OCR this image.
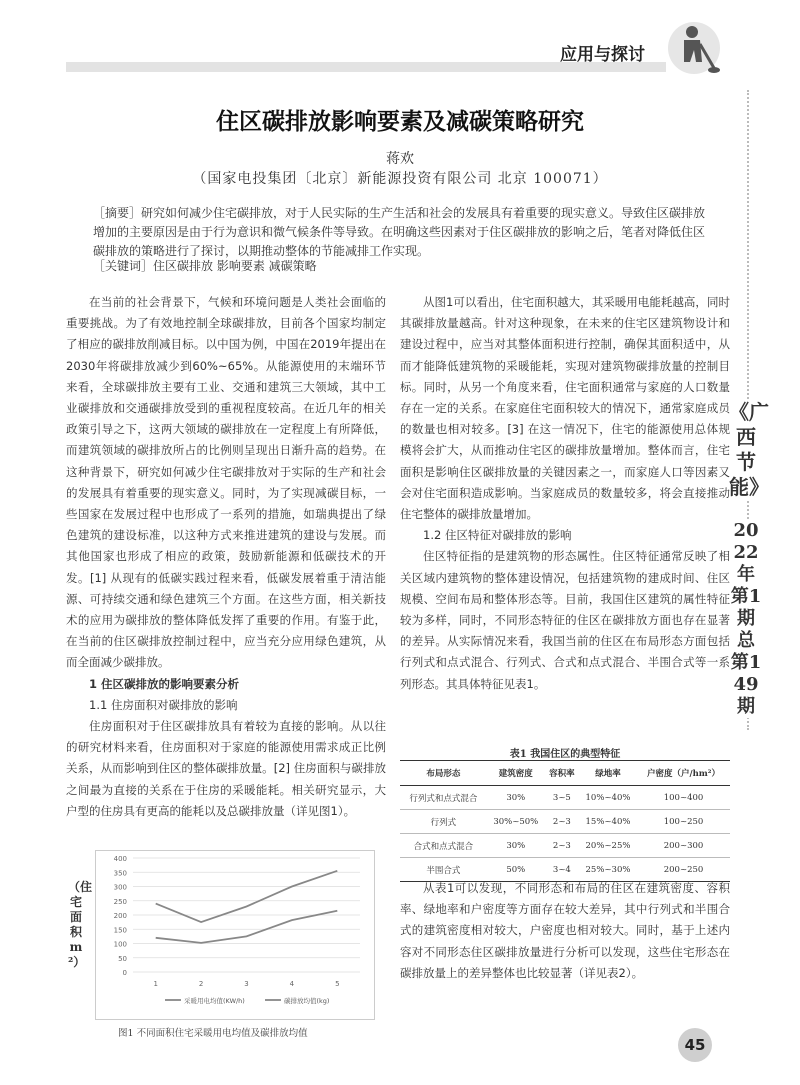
应用与探讨
《广西节能》
2022年第1期 总第149期
住区碳排放影响要素及减碳策略研究
蒋欢
（国家电投集团〔北京〕新能源投资有限公司 北京 100071）

［摘要］研究如何减少住宅碳排放，对于人民实际的生产生活和社会的发展具有着重要的现实意义。导致住区碳排放增加的主要原因是由于行为意识和微气候条件等导致。在明确这些因素对于住区碳排放的影响之后，笔者对降低住区碳排放的策略进行了探讨，以期推动整体的节能减排工作实现。

［关键词］住区碳排放 影响要素 减碳策略

在当前的社会背景下，气候和环境问题是人类社会面临的重要挑战。为了有效地控制全球碳排放，目前各个国家均制定了相应的碳排放削减目标。以中国为例，中国在2019年提出在2030年将碳排放减少到60%~65%。从能源使用的末端环节来看，全球碳排放主要有工业、交通和建筑三大领域，其中工业碳排放和交通碳排放受到的重视程度较高。在近几年的相关政策引导之下，这两大领域的碳排放在一定程度上有所降低，而建筑领域的碳排放所占的比例则呈现出日渐升高的趋势。在这种背景下，研究如何减少住宅碳排放对于实际的生产和社会的发展具有着重要的现实意义。同时，为了实现减碳目标，一些国家在发展过程中也形成了一系列的措施，如瑞典提出了绿色建筑的建设标准，以这种方式来推进建筑的建设与发展。而其他国家也形成了相应的政策，鼓励新能源和低碳技术的开发。[1] 从现有的低碳实践过程来看，低碳发展着重于清洁能源、可持续交通和绿色建筑三个方面。在这些方面，相关新技术的应用为碳排放的整体降低发挥了重要的作用。有鉴于此，在当前的住区碳排放控制过程中，应当充分应用绿色建筑，从而全面减少碳排放。

1 住区碳排放的影响要素分析

1.1 住房面积对碳排放的影响

住房面积对于住区碳排放具有着较为直接的影响。从以往的研究材料来看，住房面积对于家庭的能源使用需求成正比例关系，从而影响到住区的整体碳排放量。[2] 住房面积与碳排放之间最为直接的关系在于住房的采暖能耗。相关研究显示，大户型的住房具有更高的能耗以及总碳排放量（详见图1）。

从图1可以看出，住宅面积越大，其采暖用电能耗越高，同时其碳排放量越高。针对这种现象，在未来的住宅区建筑物设计和建设过程中，应当对其整体面积进行控制，确保其面积适中，从而才能降低建筑物的采暖能耗，实现对建筑物碳排放量的控制目标。同时，从另一个角度来看，住宅面积通常与家庭的人口数量存在一定的关系。在家庭住宅面积较大的情况下，通常家庭成员的数量也相对较多。[3] 在这一情况下，住宅的能源使用总体规模将会扩大，从而推动住宅区的碳排放量增加。整体而言，住宅面积是影响住区碳排放量的关键因素之一，而家庭人口等因素又会对住宅面积造成影响。当家庭成员的数量较多，将会直接推动住宅整体的碳排放量增加。

1.2 住区特征对碳排放的影响

住区特征指的是建筑物的形态属性。住区特征通常反映了相关区域内建筑物的整体建设情况，包括建筑物的建成时间、住区规模、空间布局和整体形态等。目前，我国住区建筑的属性特征较为多样，同时，不同形态特征的住区在碳排放方面也存在显著的差异。从实际情况来看，我国当前的住区在布局形态方面包括行列式和点式混合、行列式、合式和点式混合、半围合式等一系列形态。其具体特征见表1。

表1 我国住区的典型特征
布局形态	建筑密度	容积率	绿地率	户密度（户/hm²）
行列式和点式混合	30%	3~5	10%~40%	100~400
行列式	30%~50%	2~3	15%~40%	100~250
合式和点式混合	30%	2~3	20%~25%	200~300
半围合式	50%	3~4	25%~30%	200~250

从表1可以发现，不同形态和布局的住区在建筑密度、容积率、绿地率和户密度等方面存在较大差异，其中行列式和半围合式的建筑密度相对较大，户密度也相对较大。同时，基于上述内容对不同形态住区碳排放量进行分析可以发现，这些住宅形态在碳排放量上的差异整体也比较显著（详见表2）。

（住宅面积m²）
0
50
100
150
200
250
300
350
400
1	2	3	4	5
采暖用电均值(KW/h)	碳排放均值(kg)
图1 不同面积住宅采暖用电均值及碳排放均值
45
